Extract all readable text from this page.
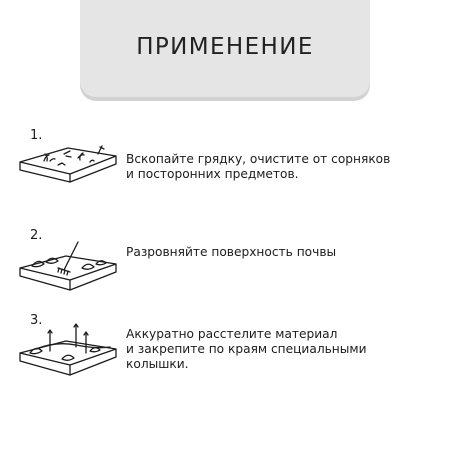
ПРИМЕНЕНИЕ
1.

Вскопайте грядку, очистите от сорняков
и посторонних предметов.

2.

Разровняйте поверхность почвы

3.

Аккуратно расстелите материал
и закрепите по краям специальными
колышки.
